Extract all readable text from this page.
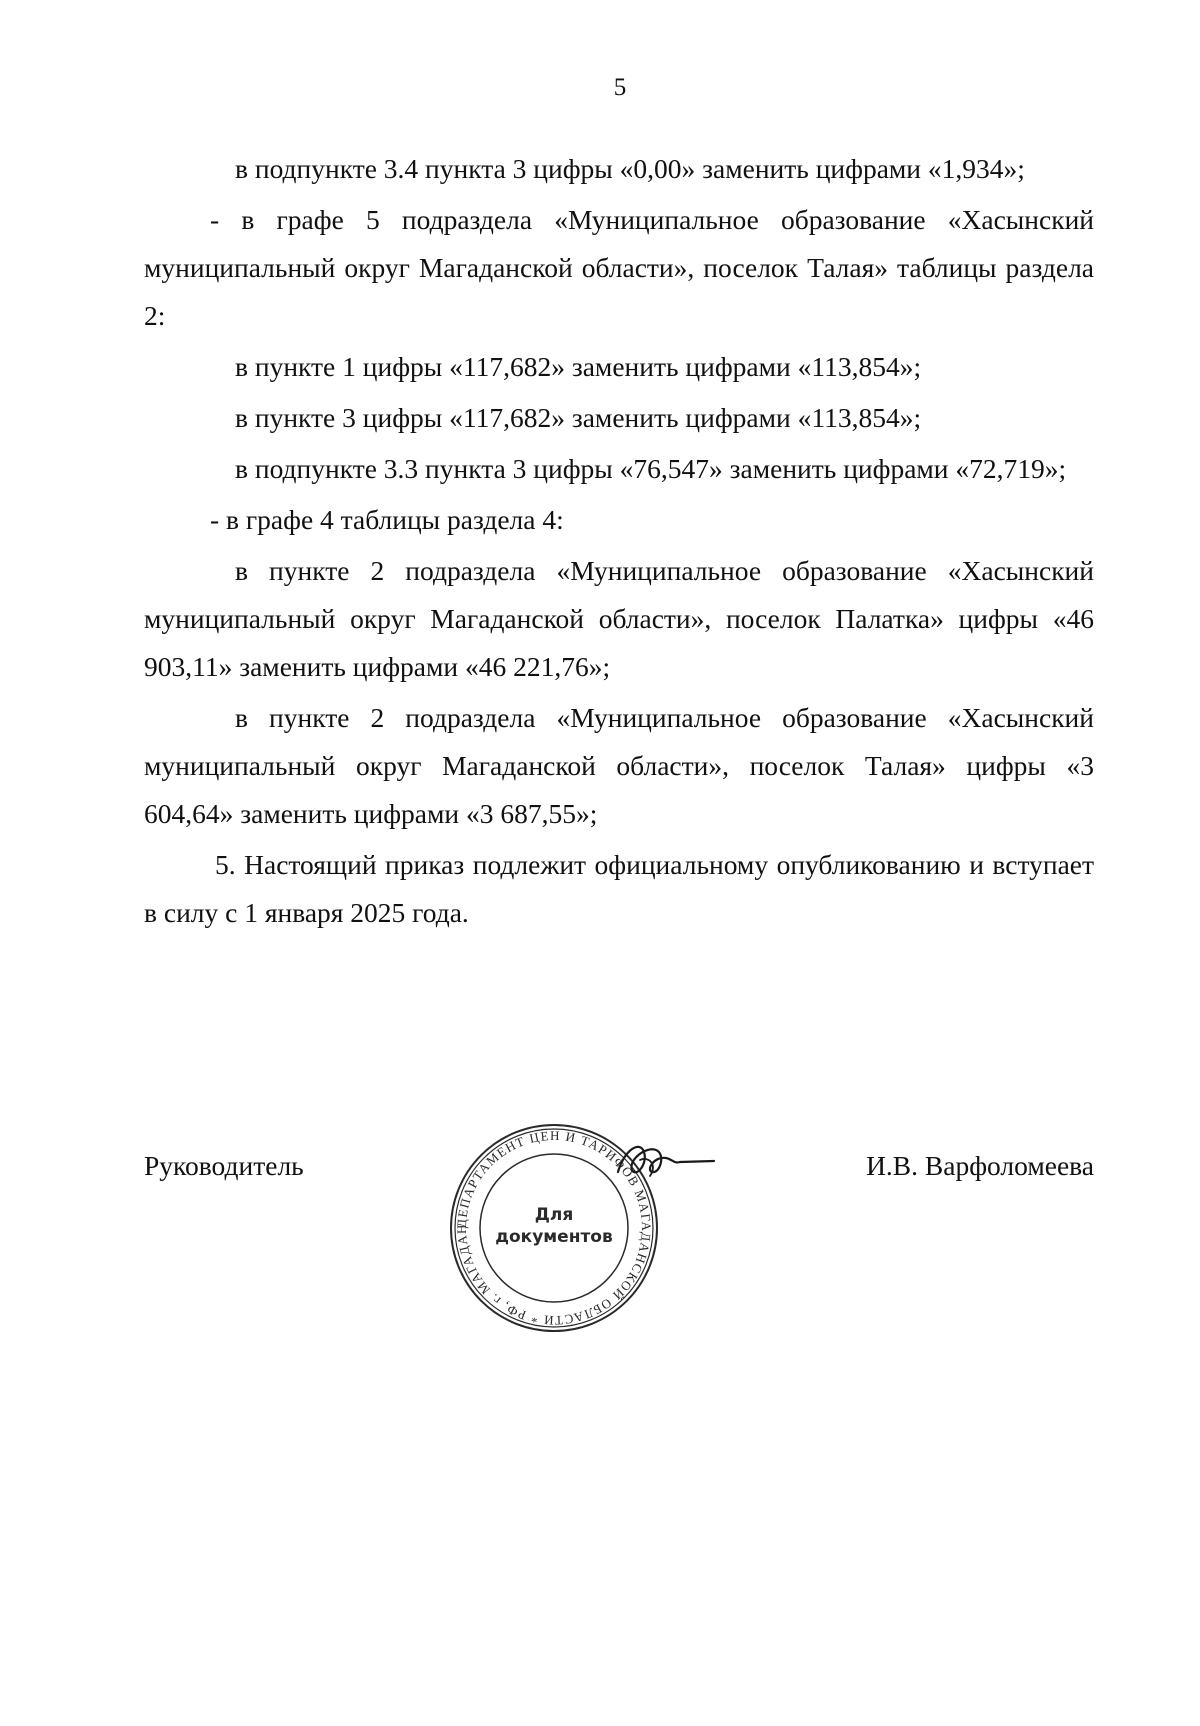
5

в подпункте 3.4 пункта 3 цифры «0,00» заменить цифрами «1,934»;

- в графе 5 подраздела «Муниципальное образование «Хасынский муниципальный округ Магаданской области», поселок Талая» таблицы раздела 2:

в пункте 1 цифры «117,682» заменить цифрами «113,854»;

в пункте 3 цифры «117,682» заменить цифрами «113,854»;

в подпункте 3.3 пункта 3 цифры «76,547» заменить цифрами «72,719»;

- в графе 4 таблицы раздела 4:

в пункте 2 подраздела «Муниципальное образование «Хасынский муниципальный округ Магаданской области», поселок Палатка» цифры «46 903,11» заменить цифрами «46 221,76»;

в пункте 2 подраздела «Муниципальное образование «Хасынский муниципальный округ Магаданской области», поселок Талая» цифры «3 604,64» заменить цифрами «3 687,55»;

5. Настоящий приказ подлежит официальному опубликованию и вступает в силу с 1 января 2025 года.

Руководитель	И.В. Варфоломеева
ДЕПАРТАМЕНТ ЦЕН И ТАРИФОВ МАГАДАНСКОЙ ОБЛАСТИ * РФ, г. МАГАДАН
Для
документов
